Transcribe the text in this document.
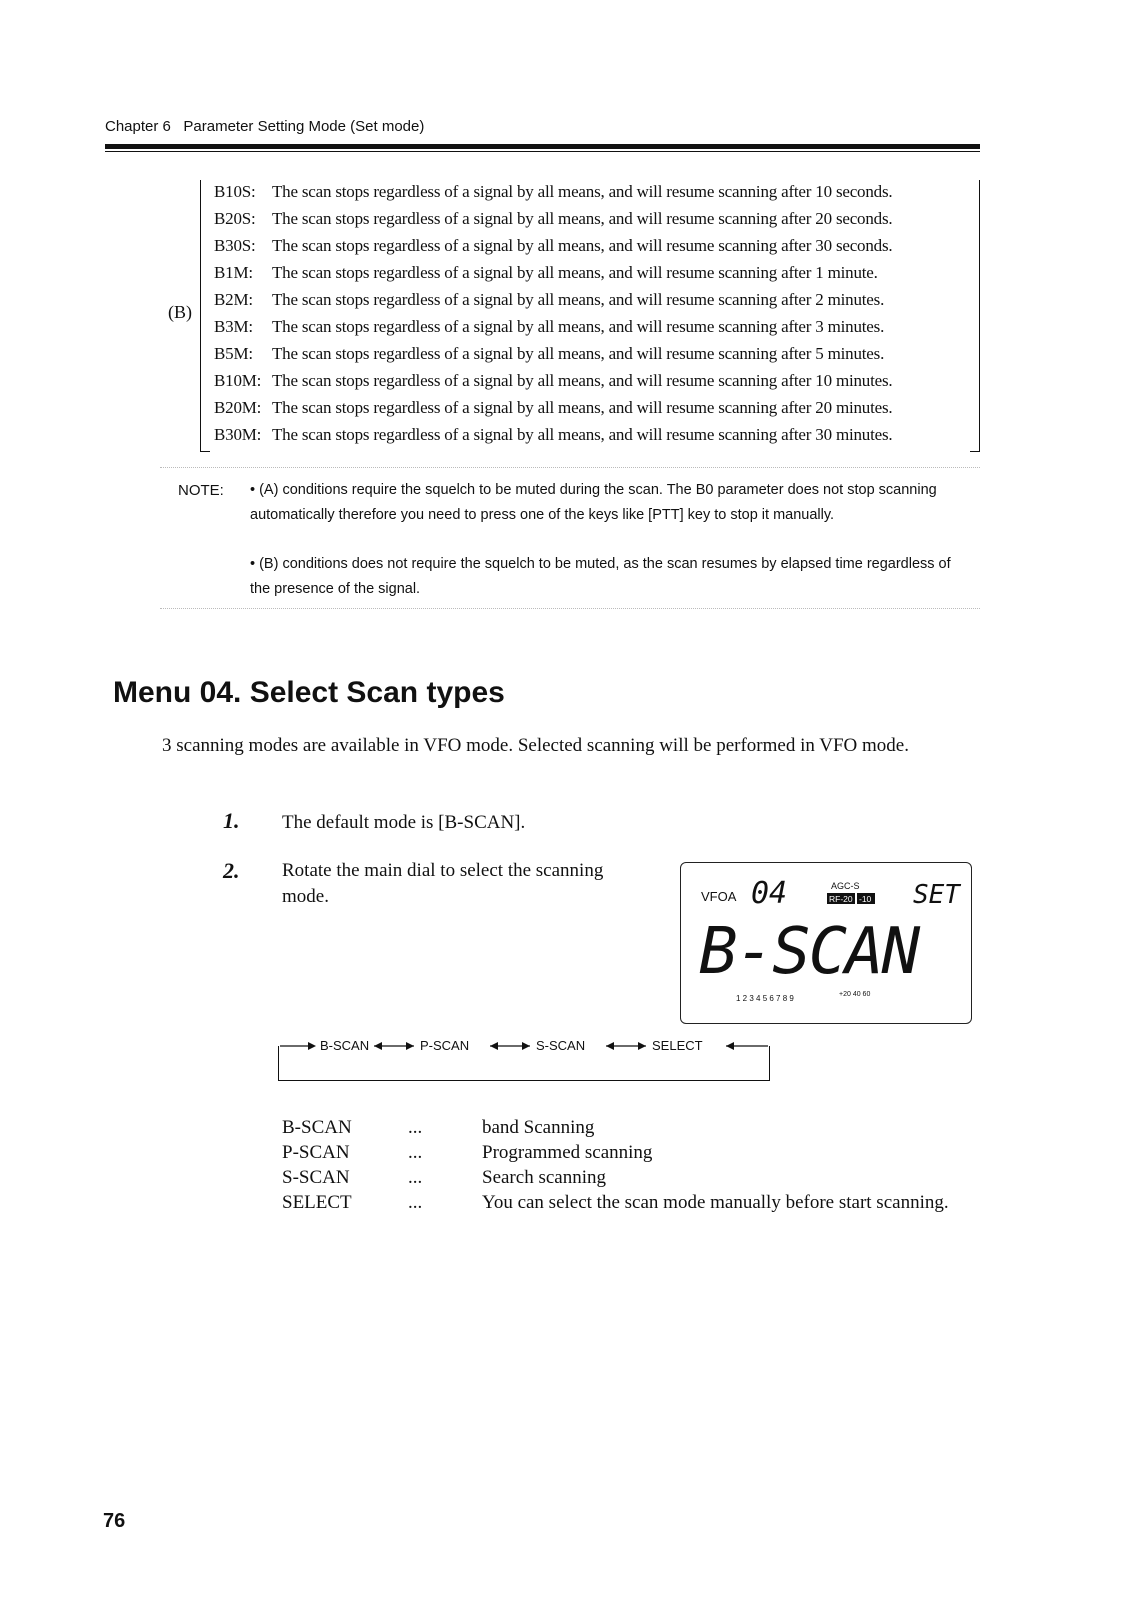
Chapter 6 Parameter Setting Mode (Set mode)
(B)
B10S: The scan stops regardless of a signal by all means, and will resume scanning after 10 seconds.
B20S: The scan stops regardless of a signal by all means, and will resume scanning after 20 seconds.
B30S: The scan stops regardless of a signal by all means, and will resume scanning after 30 seconds.
B1M: The scan stops regardless of a signal by all means, and will resume scanning after 1 minute.
B2M: The scan stops regardless of a signal by all means, and will resume scanning after 2 minutes.
B3M: The scan stops regardless of a signal by all means, and will resume scanning after 3 minutes.
B5M: The scan stops regardless of a signal by all means, and will resume scanning after 5 minutes.
B10M: The scan stops regardless of a signal by all means, and will resume scanning after 10 minutes.
B20M: The scan stops regardless of a signal by all means, and will resume scanning after 20 minutes.
B30M: The scan stops regardless of a signal by all means, and will resume scanning after 30 minutes.
NOTE: • (A) conditions require the squelch to be muted during the scan. The B0 parameter does not stop scanning automatically therefore you need to press one of the keys like [PTT] key to stop it manually.
• (B) conditions does not require the squelch to be muted, as the scan resumes by elapsed time regardless of the presence of the signal.
Menu 04. Select Scan types
3 scanning modes are available in VFO mode. Selected scanning will be performed in VFO mode.
1. The default mode is [B-SCAN].
2. Rotate the main dial to select the scanning mode.	VFOA 04	AGC-S
RF-20 -10 SET
B-SCAN
1 2 3 4 5 6 7 8 9	+20 40 60
B-SCAN	P-SCAN	S-SCAN	SELECT
B-SCAN	...	band Scanning
P-SCAN	...	Programmed scanning
S-SCAN	...	Search scanning
SELECT	...	You can select the scan mode manually before start scanning.
76
